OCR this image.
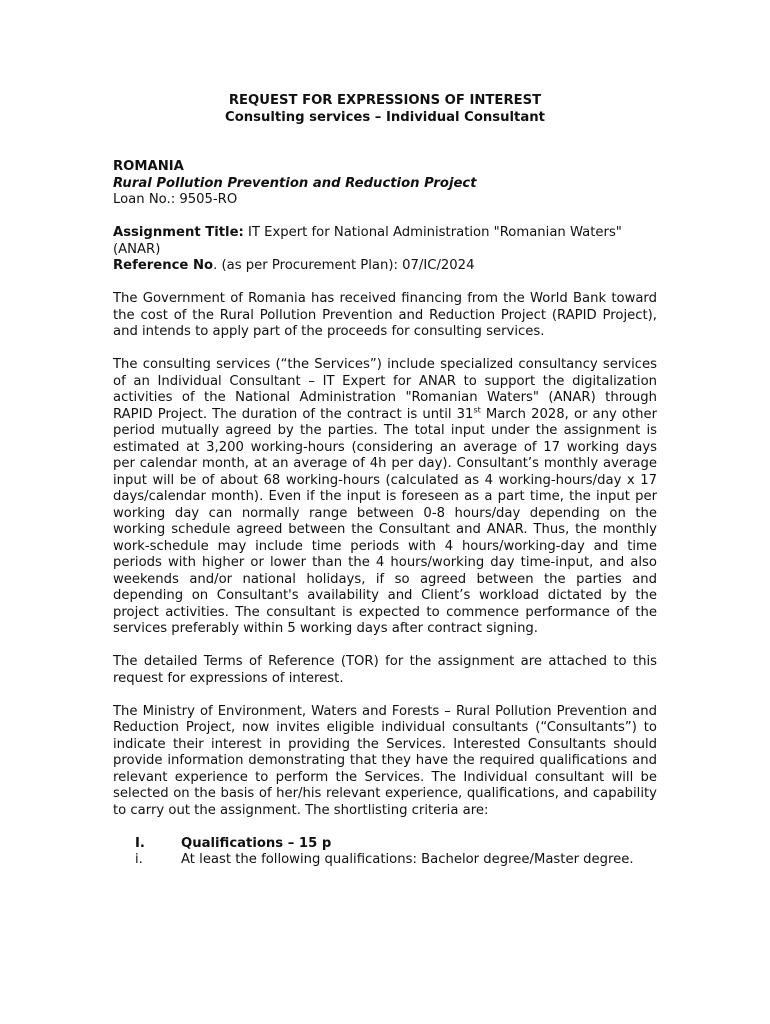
REQUEST FOR EXPRESSIONS OF INTEREST

Consulting services – Individual Consultant

ROMANIA

Rural Pollution Prevention and Reduction Project

Loan No.: 9505-RO

Assignment Title: IT Expert for National Administration "Romanian Waters" (ANAR)

Reference No. (as per Procurement Plan): 07/IC/2024

The Government of Romania has received financing from the World Bank toward the cost of the Rural Pollution Prevention and Reduction Project (RAPID Project), and intends to apply part of the proceeds for consulting services.

The consulting services (“the Services”) include specialized consultancy services of an Individual Consultant – IT Expert for ANAR to support the digitalization activities of the National Administration "Romanian Waters" (ANAR) through RAPID Project. The duration of the contract is until 31st March 2028, or any other period mutually agreed by the parties. The total input under the assignment is estimated at 3,200 working-hours (considering an average of 17 working days per calendar month, at an average of 4h per day). Consultant’s monthly average input will be of about 68 working-hours (calculated as 4 working-hours/day x 17 days/calendar month). Even if the input is foreseen as a part time, the input per working day can normally range between 0-8 hours/day depending on the working schedule agreed between the Consultant and ANAR. Thus, the monthly work-schedule may include time periods with 4 hours/working-day and time periods with higher or lower than the 4 hours/working day time-input, and also weekends and/or national holidays, if so agreed between the parties and depending on Consultant's availability and Client’s workload dictated by the project activities. The consultant is expected to commence performance of the services preferably within 5 working days after contract signing.

The detailed Terms of Reference (TOR) for the assignment are attached to this request for expressions of interest.

The Ministry of Environment, Waters and Forests – Rural Pollution Prevention and Reduction Project, now invites eligible individual consultants (“Consultants”) to indicate their interest in providing the Services. Interested Consultants should provide information demonstrating that they have the required qualifications and relevant experience to perform the Services. The Individual consultant will be selected on the basis of her/his relevant experience, qualifications, and capability to carry out the assignment. The shortlisting criteria are:

I.	Qualifications – 15 p
i.	At least the following qualifications: Bachelor degree/Master degree.
